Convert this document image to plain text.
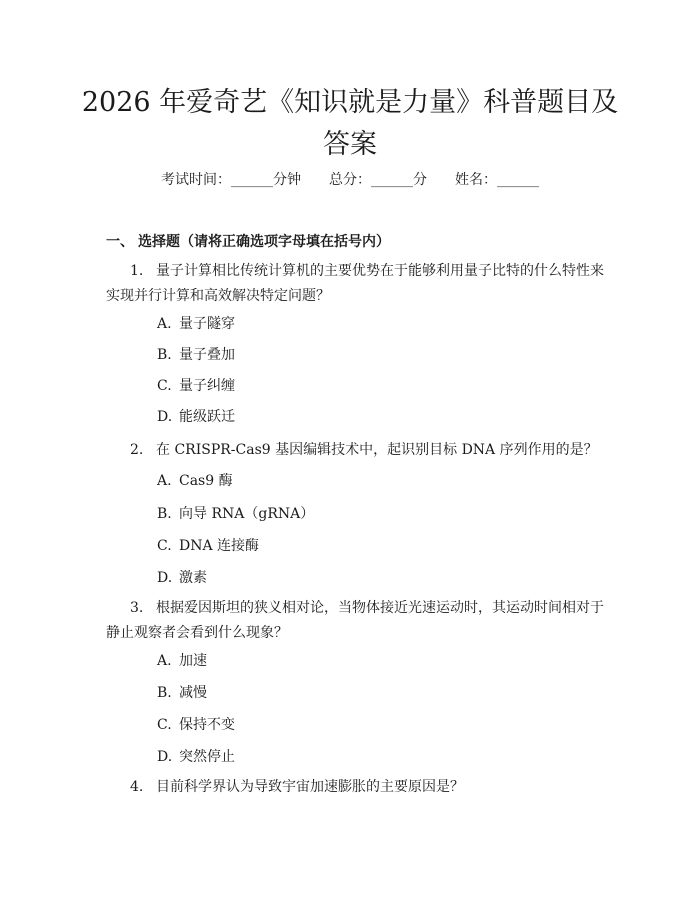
2026 年爱奇艺《知识就是力量》科普题目及
答案
考试时间：______分钟 总分：______分 姓名：______
一、 选择题（请将正确选项字母填在括号内）
1. 量子计算相比传统计算机的主要优势在于能够利用量子比特的什么特性来实现并行计算和高效解决特定问题？
A. 量子隧穿
B. 量子叠加
C. 量子纠缠
D. 能级跃迁
2. 在 CRISPR-Cas9 基因编辑技术中，起识别目标 DNA 序列作用的是？
A. Cas9 酶
B. 向导 RNA（gRNA）
C. DNA 连接酶
D. 激素
3. 根据爱因斯坦的狭义相对论，当物体接近光速运动时，其运动时间相对于静止观察者会看到什么现象？
A. 加速
B. 减慢
C. 保持不变
D. 突然停止
4. 目前科学界认为导致宇宙加速膨胀的主要原因是？
